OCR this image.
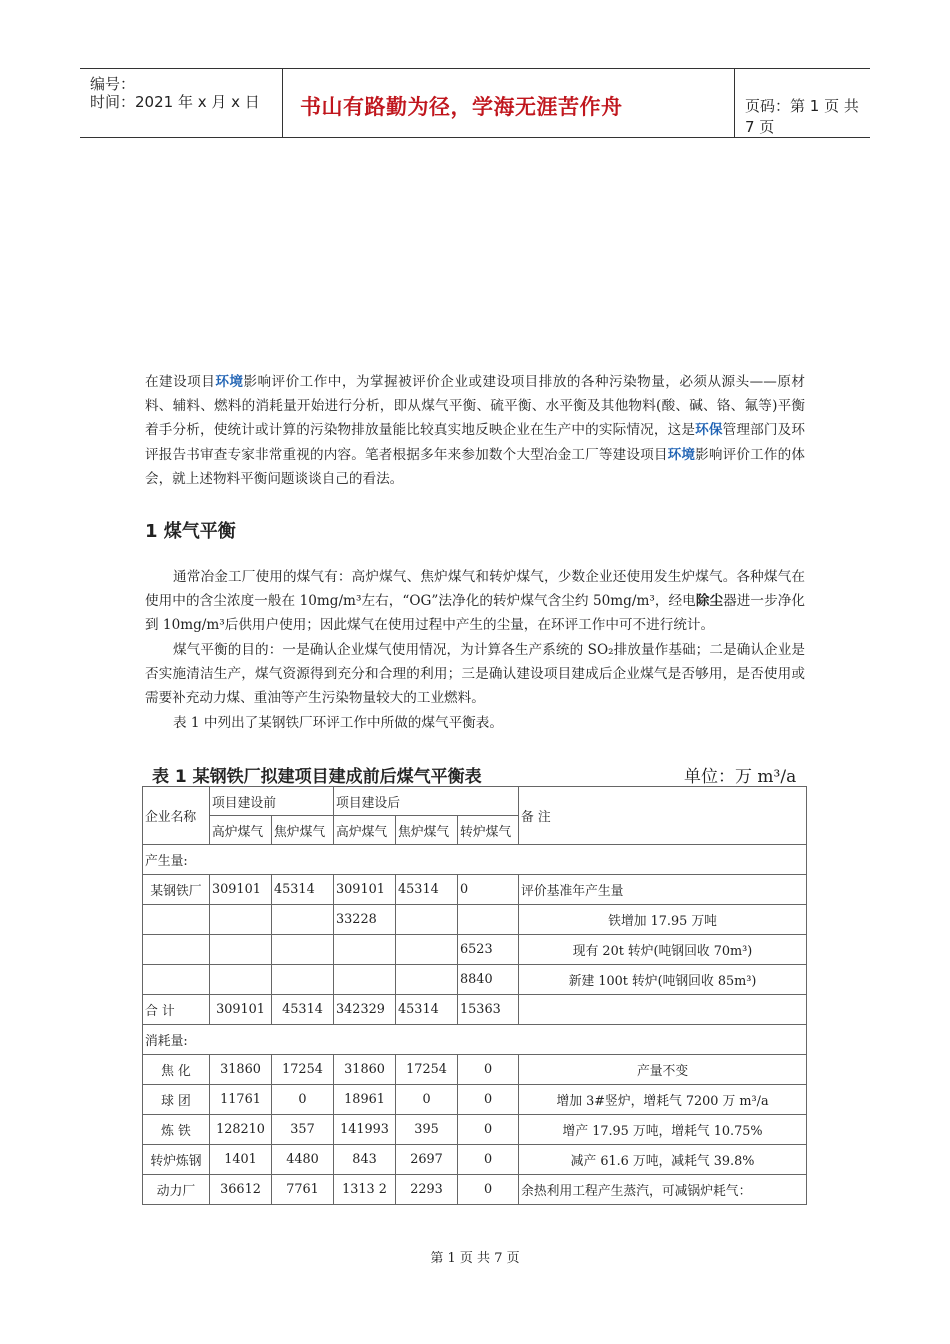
编号：
时间：2021 年 x 月 x 日 书山有路勤为径，学海无涯苦作舟	页码：第 1 页 共 7 页
在建设项目环境影响评价工作中，为掌握被评价企业或建设项目排放的各种污染物量，必须从源头——原材料、辅料、燃料的消耗量开始进行分析，即从煤气平衡、硫平衡、水平衡及其他物料(酸、碱、铬、氟等)平衡着手分析，使统计或计算的污染物排放量能比较真实地反映企业在生产中的实际情况，这是环保管理部门及环评报告书审查专家非常重视的内容。笔者根据多年来参加数个大型冶金工厂等建设项目环境影响评价工作的体会，就上述物料平衡问题谈谈自己的看法。
1 煤气平衡
通常冶金工厂使用的煤气有：高炉煤气、焦炉煤气和转炉煤气，少数企业还使用发生炉煤气。各种煤气在使用中的含尘浓度一般在 10mg/m³左右，“OG”法净化的转炉煤气含尘约 50mg/m³，经电除尘器进一步净化到 10mg/m³后供用户使用；因此煤气在使用过程中产生的尘量，在环评工作中可不进行统计。
煤气平衡的目的：一是确认企业煤气使用情况，为计算各生产系统的 SO₂排放量作基础；二是确认企业是否实施清洁生产，煤气资源得到充分和合理的利用；三是确认建设项目建成后企业煤气是否够用，是否使用或需要补充动力煤、重油等产生污染物量较大的工业燃料。
表 1 中列出了某钢铁厂环评工作中所做的煤气平衡表。
表 1 某钢铁厂拟建项目建成前后煤气平衡表	单位：万 m³/a
企业名称	项目建设前		项目建设后			备 注
	高炉煤气	焦炉煤气	高炉煤气	焦炉煤气	转炉煤气	
产生量:						
某钢铁厂	309101	45314	309101	45314	0	评价基准年产生量
			33228			铁增加 17.95 万吨
					6523	现有 20t 转炉(吨钢回收 70m³)
					8840	新建 100t 转炉(吨钢回收 85m³)
合 计	309101	45314	342329	45314	15363	
消耗量:						
焦 化	31860	17254	31860	17254	0	产量不变
球 团	11761	0	18961	0	0	增加 3#竖炉，增耗气 7200 万 m³/a
炼 铁	128210	357	141993	395	0	增产 17.95 万吨，增耗气 10.75%
转炉炼钢	1401	4480	843	2697	0	减产 61.6 万吨，减耗气 39.8%
动力厂	36612	7761	1313 2	2293	0	余热利用工程产生蒸汽，可减锅炉耗气：
第 1 页 共 7 页
